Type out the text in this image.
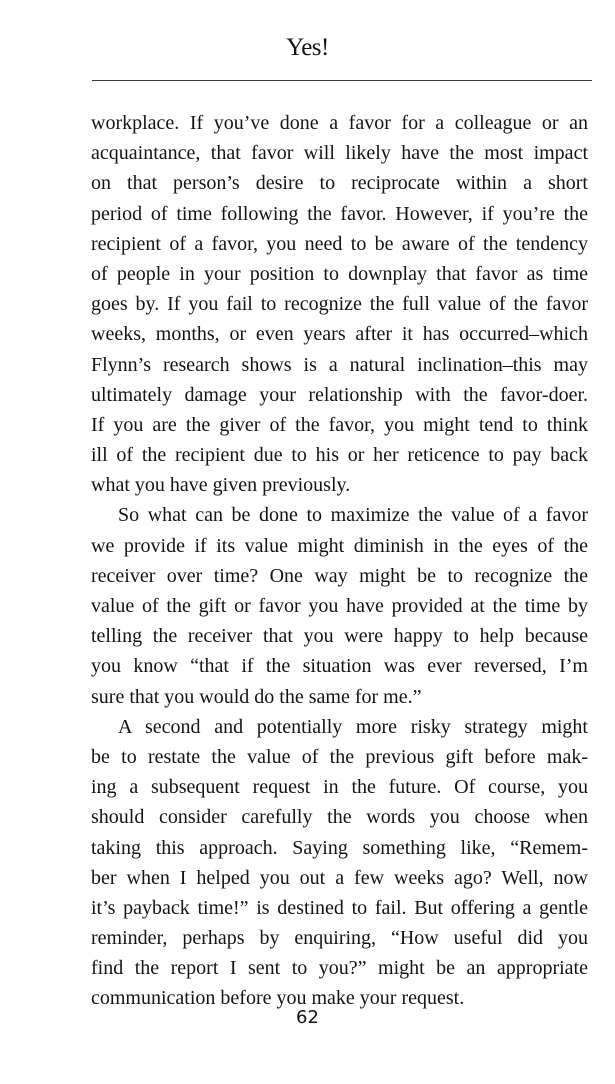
Yes!
workplace. If you’ve done a favor for a colleague or an
acquaintance, that favor will likely have the most impact
on that person’s desire to reciprocate within a short
period of time following the favor. However, if you’re the
recipient of a favor, you need to be aware of the tendency
of people in your position to downplay that favor as time
goes by. If you fail to recognize the full value of the favor
weeks, months, or even years after it has occurred–which
Flynn’s research shows is a natural inclination–this may
ultimately damage your relationship with the favor-doer.
If you are the giver of the favor, you might tend to think
ill of the recipient due to his or her reticence to pay back
what you have given previously.
So what can be done to maximize the value of a favor
we provide if its value might diminish in the eyes of the
receiver over time? One way might be to recognize the
value of the gift or favor you have provided at the time by
telling the receiver that you were happy to help because
you know “that if the situation was ever reversed, I’m
sure that you would do the same for me.”
A second and potentially more risky strategy might
be to restate the value of the previous gift before mak-
ing a subsequent request in the future. Of course, you
should consider carefully the words you choose when
taking this approach. Saying something like, “Remem-
ber when I helped you out a few weeks ago? Well, now
it’s payback time!” is destined to fail. But offering a gentle
reminder, perhaps by enquiring, “How useful did you
find the report I sent to you?” might be an appropriate
communication before you make your request.
62
